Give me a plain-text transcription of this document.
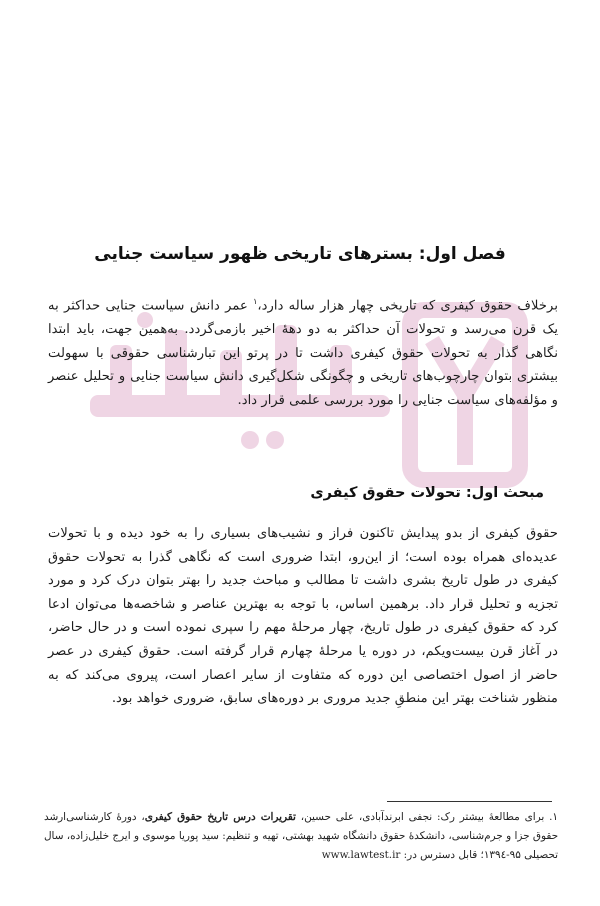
فصل اول: بسترهای تاریخی ظهور سیاست جنایی
برخلاف حقوق کیفری که تاریخی چهار هزار ساله دارد،$^۱$ عمر دانش سیاست جنایی حداکثر به یک قرن می‌رسد و تحولات آن حداکثر به دو دههٔ اخیر بازمی‌گردد. به‌همین جهت، باید ابتدا نگاهی گذار به تحولات حقوق کیفری داشت تا در پرتو این تبارشناسی حقوقی با سهولت بیشتری بتوان چارچوب‌های تاریخی و چگونگی شکل‌گیری دانش سیاست جنایی و تحلیل عنصر و مؤلفه‌های سیاست جنایی را مورد بررسی علمی قرار داد.
مبحث اول: تحولات حقوق کیفری
حقوق کیفری از بدو پیدایش تاکنون فراز و نشیب‌های بسیاری را به خود دیده و با تحولات عدیده‌ای همراه بوده است؛ از این‌رو، ابتدا ضروری است که نگاهی گذرا به تحولات حقوق کیفری در طول تاریخ بشری داشت تا مطالب و مباحث جدید را بهتر بتوان درک کرد و مورد تجزیه و تحلیل قرار داد. برهمین اساس، با توجه به بهترین عناصر و شاخصه‌ها می‌توان ادعا کرد که حقوق کیفری در طول تاریخ، چهار مرحلهٔ مهم را سپری نموده است و در حال حاضر، در آغاز قرن بیست‌ویکم، در دوره یا مرحلهٔ چهارم قرار گرفته است. حقوق کیفری در عصر حاضر از اصول اختصاصی این دوره که متفاوت از سایر اعصار است، پیروی می‌کند که به منظور شناخت بهتر این منطقِ جدید مروری بر دوره‌های سابق، ضروری خواهد بود.
۱. برای مطالعهٔ بیشتر رک: نجفی ابرندآبادی، علی حسین، تقریرات درس تاریخ حقوق کیفری، دورهٔ کارشناسی‌ارشد حقوق جزا و جرم‌شناسی، دانشکدهٔ حقوق دانشگاه شهید بهشتی، تهیه و تنظیم: سید پوریا موسوی و ایرج خلیل‌زاده، سال تحصیلی ۹۵-۱۳۹٤؛ قابل دسترس در: www.lawtest.ir
